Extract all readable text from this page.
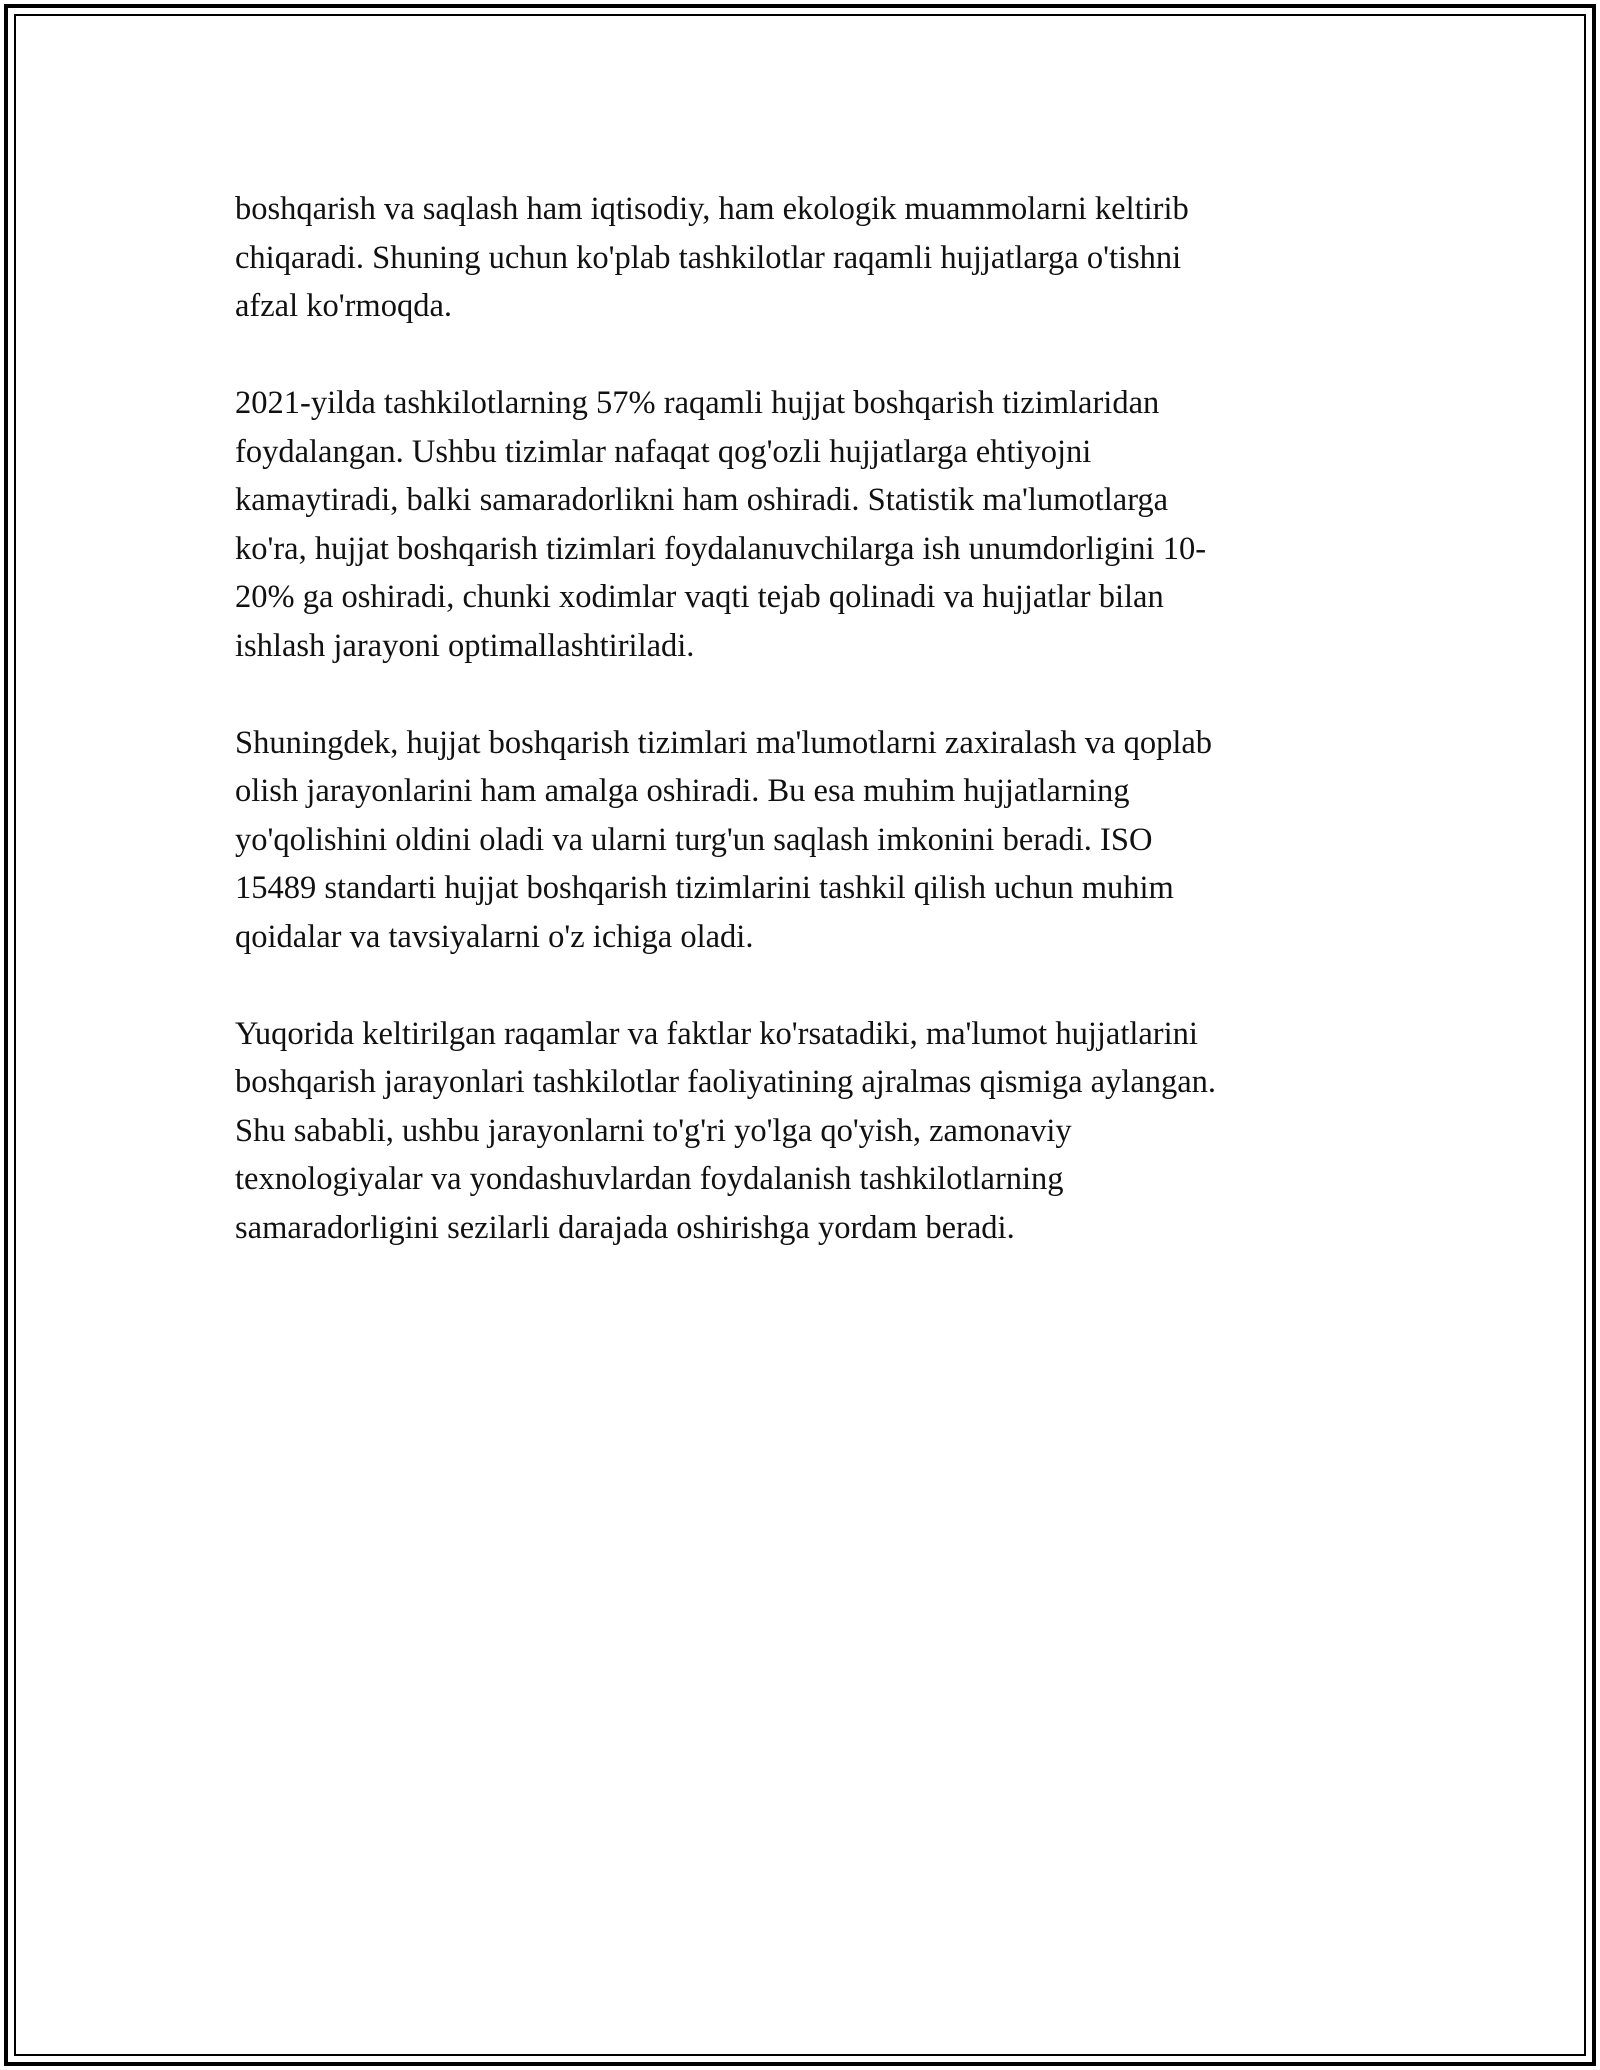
boshqarish va saqlash ham iqtisodiy, ham ekologik muammolarni keltirib
chiqaradi. Shuning uchun ko'plab tashkilotlar raqamli hujjatlarga o'tishni
afzal ko'rmoqda.

2021-yilda tashkilotlarning 57% raqamli hujjat boshqarish tizimlaridan
foydalangan. Ushbu tizimlar nafaqat qog'ozli hujjatlarga ehtiyojni
kamaytiradi, balki samaradorlikni ham oshiradi. Statistik ma'lumotlarga
ko'ra, hujjat boshqarish tizimlari foydalanuvchilarga ish unumdorligini 10-
20% ga oshiradi, chunki xodimlar vaqti tejab qolinadi va hujjatlar bilan
ishlash jarayoni optimallashtiriladi.

Shuningdek, hujjat boshqarish tizimlari ma'lumotlarni zaxiralash va qoplab
olish jarayonlarini ham amalga oshiradi. Bu esa muhim hujjatlarning
yo'qolishini oldini oladi va ularni turg'un saqlash imkonini beradi. ISO
15489 standarti hujjat boshqarish tizimlarini tashkil qilish uchun muhim
qoidalar va tavsiyalarni o'z ichiga oladi.

Yuqorida keltirilgan raqamlar va faktlar ko'rsatadiki, ma'lumot hujjatlarini
boshqarish jarayonlari tashkilotlar faoliyatining ajralmas qismiga aylangan.
Shu sababli, ushbu jarayonlarni to'g'ri yo'lga qo'yish, zamonaviy
texnologiyalar va yondashuvlardan foydalanish tashkilotlarning
samaradorligini sezilarli darajada oshirishga yordam beradi.
